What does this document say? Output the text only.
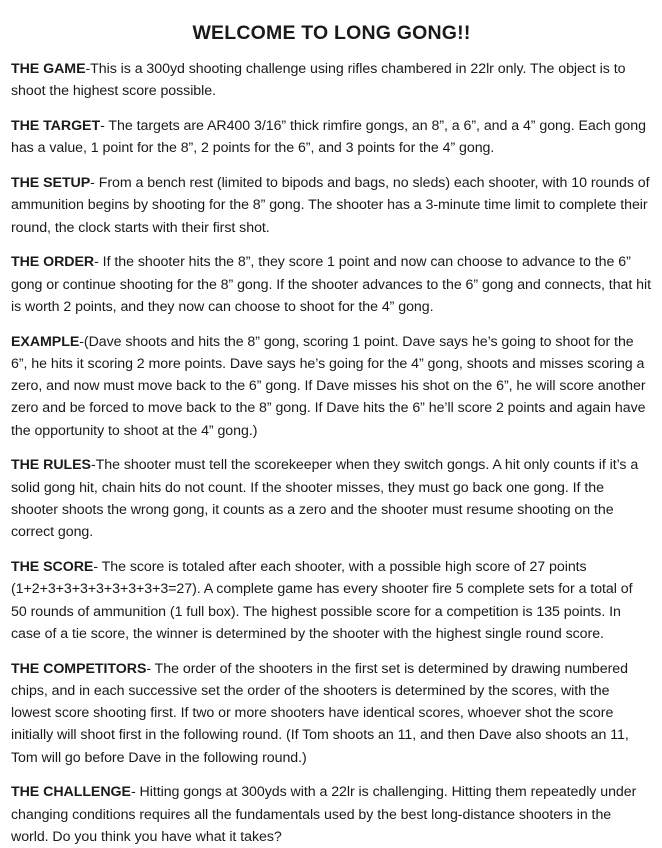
WELCOME TO LONG GONG!!

THE GAME-This is a 300yd shooting challenge using rifles chambered in 22lr only. The object is to shoot the highest score possible.

THE TARGET- The targets are AR400 3/16” thick rimfire gongs, an 8”, a 6”, and a 4” gong. Each gong has a value, 1 point for the 8”, 2 points for the 6”, and 3 points for the 4” gong.

THE SETUP- From a bench rest (limited to bipods and bags, no sleds) each shooter, with 10 rounds of ammunition begins by shooting for the 8” gong. The shooter has a 3-minute time limit to complete their round, the clock starts with their first shot.

THE ORDER- If the shooter hits the 8”, they score 1 point and now can choose to advance to the 6” gong or continue shooting for the 8” gong. If the shooter advances to the 6” gong and connects, that hit is worth 2 points, and they now can choose to shoot for the 4” gong.

EXAMPLE-(Dave shoots and hits the 8” gong, scoring 1 point. Dave says he’s going to shoot for the 6”, he hits it scoring 2 more points. Dave says he’s going for the 4” gong, shoots and misses scoring a zero, and now must move back to the 6” gong. If Dave misses his shot on the 6”, he will score another zero and be forced to move back to the 8” gong. If Dave hits the 6” he’ll score 2 points and again have the opportunity to shoot at the 4” gong.)

THE RULES-The shooter must tell the scorekeeper when they switch gongs. A hit only counts if it’s a solid gong hit, chain hits do not count. If the shooter misses, they must go back one gong. If the shooter shoots the wrong gong, it counts as a zero and the shooter must resume shooting on the correct gong.

THE SCORE- The score is totaled after each shooter, with a possible high score of 27 points (1+2+3+3+3+3+3+3+3+3=27). A complete game has every shooter fire 5 complete sets for a total of 50 rounds of ammunition (1 full box). The highest possible score for a competition is 135 points. In case of a tie score, the winner is determined by the shooter with the highest single round score.

THE COMPETITORS- The order of the shooters in the first set is determined by drawing numbered chips, and in each successive set the order of the shooters is determined by the scores, with the lowest score shooting first. If two or more shooters have identical scores, whoever shot the score initially will shoot first in the following round. (If Tom shoots an 11, and then Dave also shoots an 11, Tom will go before Dave in the following round.)

THE CHALLENGE- Hitting gongs at 300yds with a 22lr is challenging. Hitting them repeatedly under changing conditions requires all the fundamentals used by the best long-distance shooters in the world. Do you think you have what it takes?
